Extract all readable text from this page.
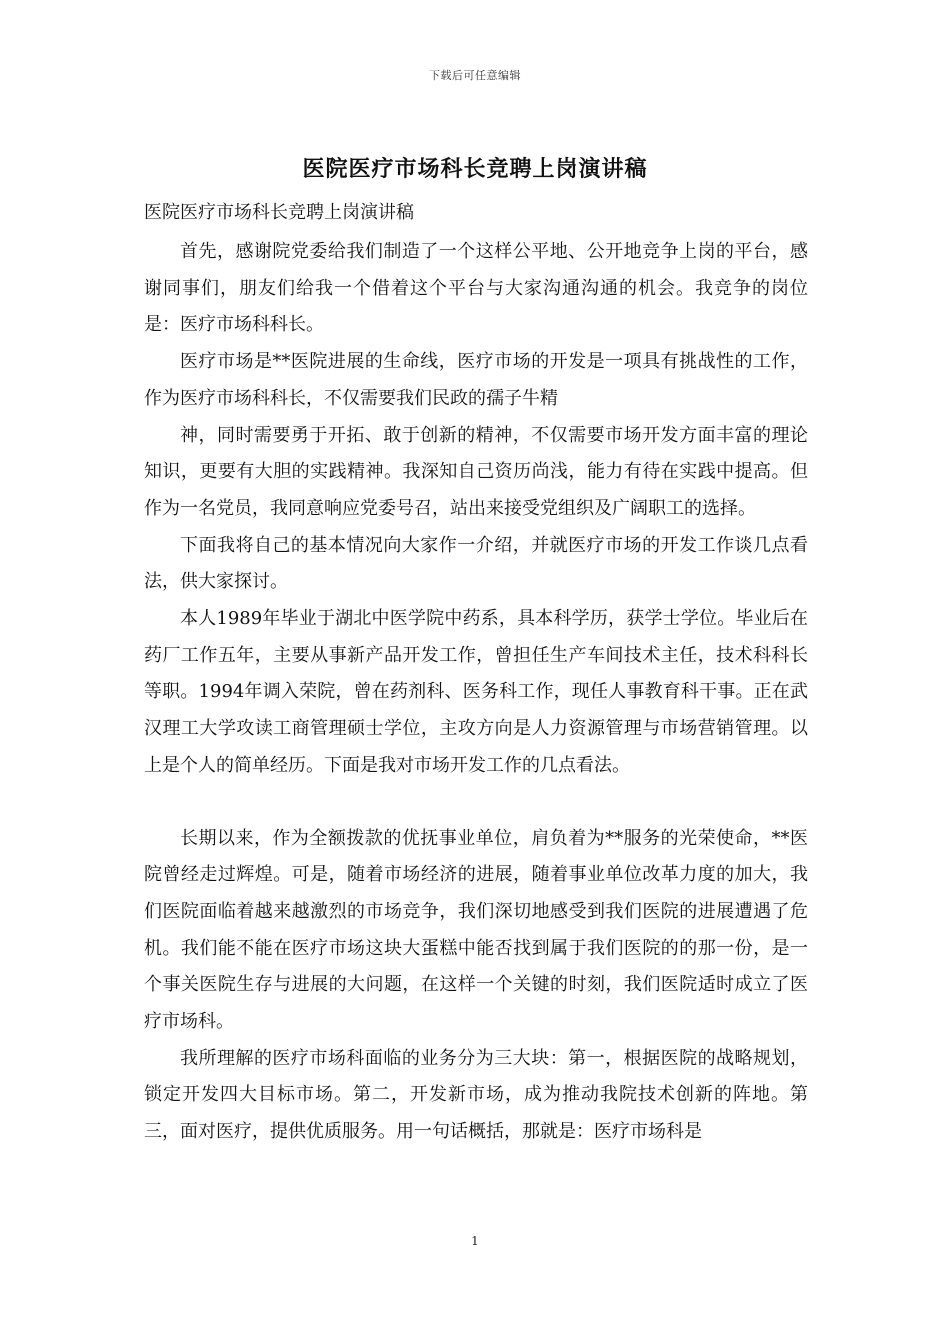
下载后可任意编辑
医院医疗市场科长竞聘上岗演讲稿

医院医疗市场科长竞聘上岗演讲稿

首先，感谢院党委给我们制造了一个这样公平地、公开地竞争上岗的平台，感谢同事们，朋友们给我一个借着这个平台与大家沟通沟通的机会。我竞争的岗位是：医疗市场科科长。

医疗市场是**医院进展的生命线，医疗市场的开发是一项具有挑战性的工作，作为医疗市场科科长，不仅需要我们民政的孺子牛精

神，同时需要勇于开拓、敢于创新的精神，不仅需要市场开发方面丰富的理论知识，更要有大胆的实践精神。我深知自己资历尚浅，能力有待在实践中提高。但作为一名党员，我同意响应党委号召，站出来接受党组织及广阔职工的选择。

下面我将自己的基本情况向大家作一介绍，并就医疗市场的开发工作谈几点看法，供大家探讨。

本人1989年毕业于湖北中医学院中药系，具本科学历，获学士学位。毕业后在药厂工作五年，主要从事新产品开发工作，曾担任生产车间技术主任，技术科科长等职。1994年调入荣院，曾在药剂科、医务科工作，现任人事教育科干事。正在武汉理工大学攻读工商管理硕士学位，主攻方向是人力资源管理与市场营销管理。以上是个人的简单经历。下面是我对市场开发工作的几点看法。

长期以来，作为全额拨款的优抚事业单位，肩负着为**服务的光荣使命，**医院曾经走过辉煌。可是，随着市场经济的进展，随着事业单位改革力度的加大，我们医院面临着越来越激烈的市场竞争，我们深切地感受到我们医院的进展遭遇了危机。我们能不能在医疗市场这块大蛋糕中能否找到属于我们医院的的那一份，是一个事关医院生存与进展的大问题，在这样一个关键的时刻，我们医院适时成立了医疗市场科。

我所理解的医疗市场科面临的业务分为三大块：第一，根据医院的战略规划，锁定开发四大目标市场。第二，开发新市场，成为推动我院技术创新的阵地。第三，面对医疗，提供优质服务。用一句话概括，那就是：医疗市场科是

1
